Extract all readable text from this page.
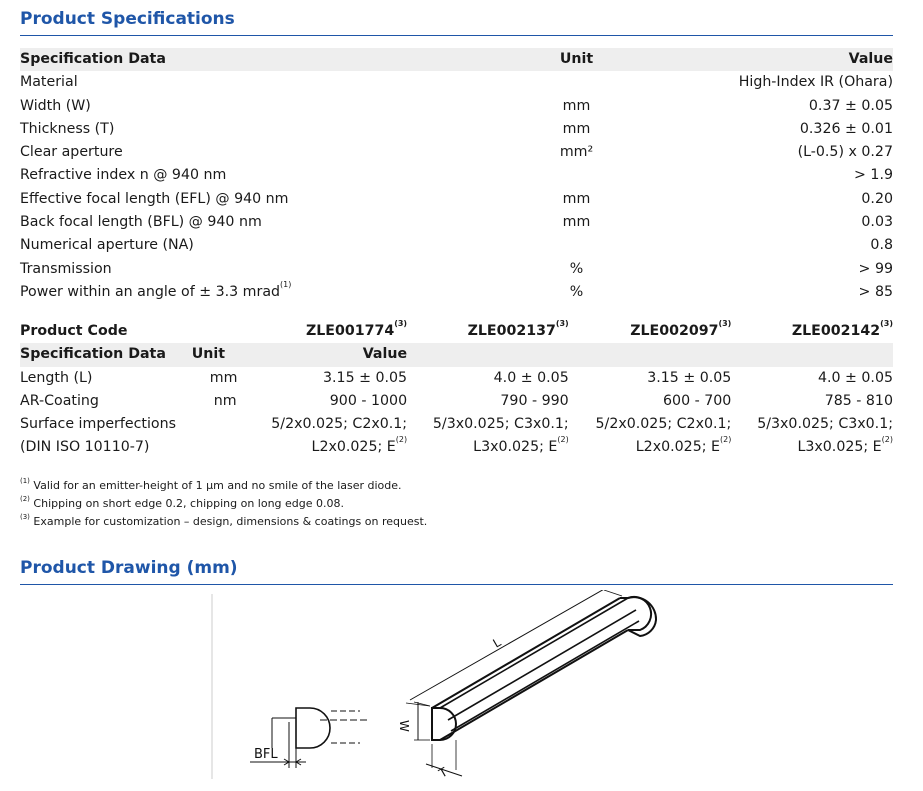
Product Specifications
Specification Data	Unit	Value
Material		High-Index IR (Ohara)
Width (W)	mm	0.37 ± 0.05
Thickness (T)	mm	0.326 ± 0.01
Clear aperture	mm²	(L-0.5) x 0.27
Refractive index n @ 940 nm		> 1.9
Effective focal length (EFL) @ 940 nm	mm	0.20
Back focal length (BFL) @ 940 nm	mm	0.03
Numerical aperture (NA)		0.8
Transmission	%	> 99
Power within an angle of ± 3.3 mrad$^{(1)}$	%	> 85
Product Code		ZLE001774$^{(3)}$	ZLE002137$^{(3)}$	ZLE002097$^{(3)}$	ZLE002142$^{(3)}$
Specification Data	Unit	Value			
Length (L)	mm	3.15 ± 0.05	4.0 ± 0.05	3.15 ± 0.05	4.0 ± 0.05
AR-Coating	nm	900 - 1000	790 - 990	600 - 700	785 - 810
Surface imperfections		5/2x0.025; C2x0.1;	5/3x0.025; C3x0.1;	5/2x0.025; C2x0.1;	5/3x0.025; C3x0.1;
(DIN ISO 10110-7)		L2x0.025; $E^{(2)}$	L3x0.025; $E^{(2)}$	L2x0.025; $E^{(2)}$	L3x0.025; $E^{(2)}$
$^{(1)}$ Valid for an emitter-height of 1 μm and no smile of the laser diode.
$^{(2)}$ Chipping on short edge 0.2, chipping on long edge 0.08.
$^{(3)}$ Example for customization – design, dimensions & coatings on request.
Product Drawing (mm)
BFL
L
W
T
